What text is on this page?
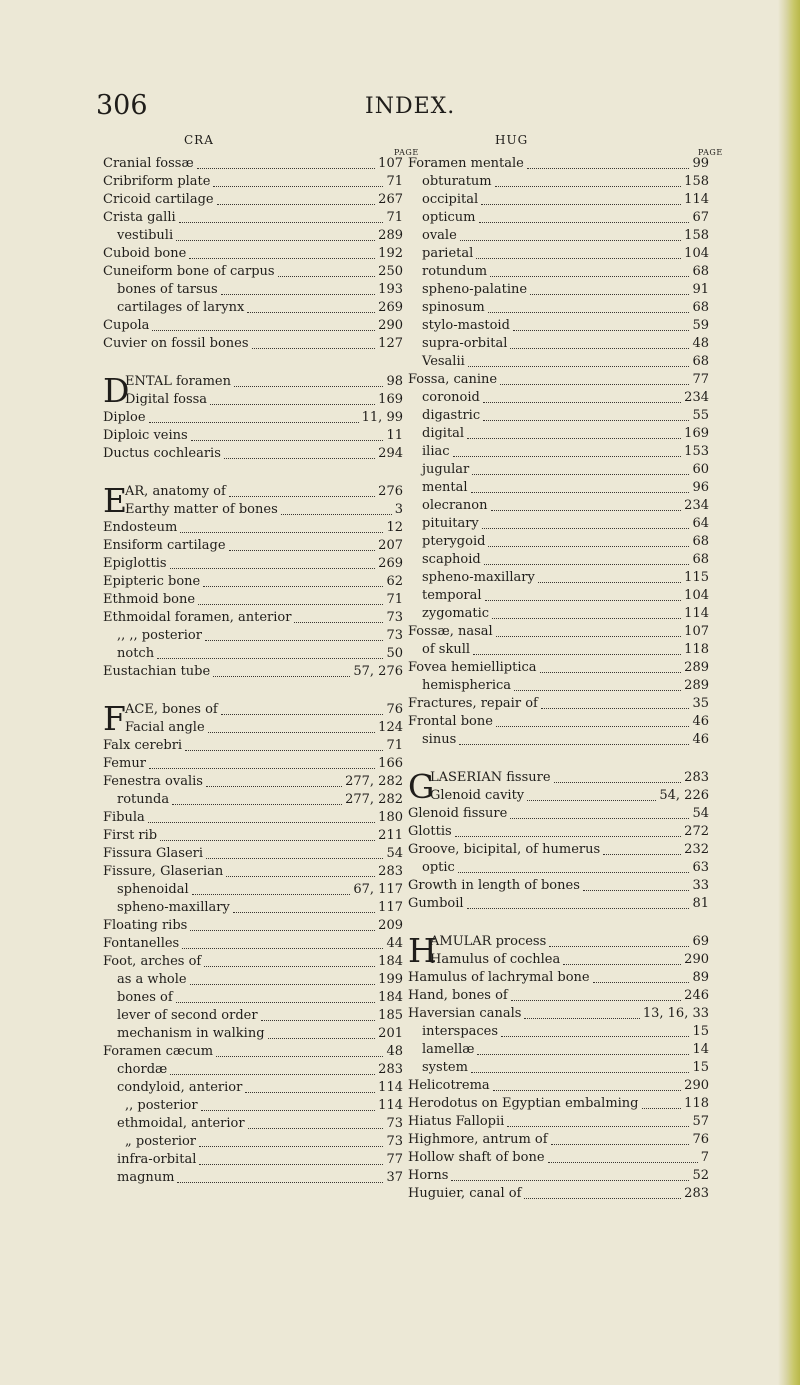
306	INDEX.
CRA
PAGE
HUG
PAGE
Cranial fossæ	107
Cribriform plate	71
Cricoid cartilage	267
Crista galli	71
vestibuli	289
Cuboid bone	192
Cuneiform bone of carpus	250
bones of tarsus	193
cartilages of larynx	269
Cupola	290
Cuvier on fossil bones	127
D
ENTAL foramen	98
Digital fossa	169
Diploe	11, 99
Diploic veins	11
Ductus cochlearis	294
E
AR, anatomy of	276
Earthy matter of bones	3
Endosteum	12
Ensiform cartilage	207
Epiglottis	269
Epipteric bone	62
Ethmoid bone	71
Ethmoidal foramen, anterior	73
,, ,, posterior	73
notch	50
Eustachian tube	57, 276
F ACE, bones of	76
Facial angle	124
Falx cerebri	71
Femur	166
Fenestra ovalis	277, 282
rotunda	277, 282
Fibula	180
First rib	211
Fissura Glaseri	54
Fissure, Glaserian	283
sphenoidal	67, 117
spheno-maxillary	117
Floating ribs	209
Fontanelles	44
Foot, arches of	184
as a whole	199
bones of	184
lever of second order	185
mechanism in walking	201
Foramen cæcum	48
chordæ	283
condyloid, anterior	114
,, posterior	114
ethmoidal, anterior	73
„ posterior	73
infra-orbital	77
magnum	37
Foramen mentale	99
obturatum	158
occipital	114
opticum	67
ovale	158
parietal	104
rotundum	68
spheno-palatine	91
spinosum	68
stylo-mastoid	59
supra-orbital	48
Vesalii	68
Fossa, canine	77
coronoid	234
digastric	55
digital	169
iliac	153
jugular	60
mental	96
olecranon	234
pituitary	64
pterygoid	68
scaphoid	68
spheno-maxillary	115
temporal	104
zygomatic	114
Fossæ, nasal	107
of skull	118
Fovea hemielliptica	289
hemispherica	289
Fractures, repair of	35
Frontal bone	46
sinus	46
G
LASERIAN fissure	283
Glenoid cavity	54, 226
Glenoid fissure	54
Glottis	272
Groove, bicipital, of humerus	232
optic	63
Growth in length of bones	33
Gumboil	81
H
AMULAR process	69
Hamulus of cochlea	290
Hamulus of lachrymal bone	89
Hand, bones of	246
Haversian canals	13, 16, 33
interspaces	15
lamellæ	14
system	15
Helicotrema	290
Herodotus on Egyptian embalming	118
Hiatus Fallopii	57
Highmore, antrum of	76
Hollow shaft of bone	7
Horns	52
Huguier, canal of	283
